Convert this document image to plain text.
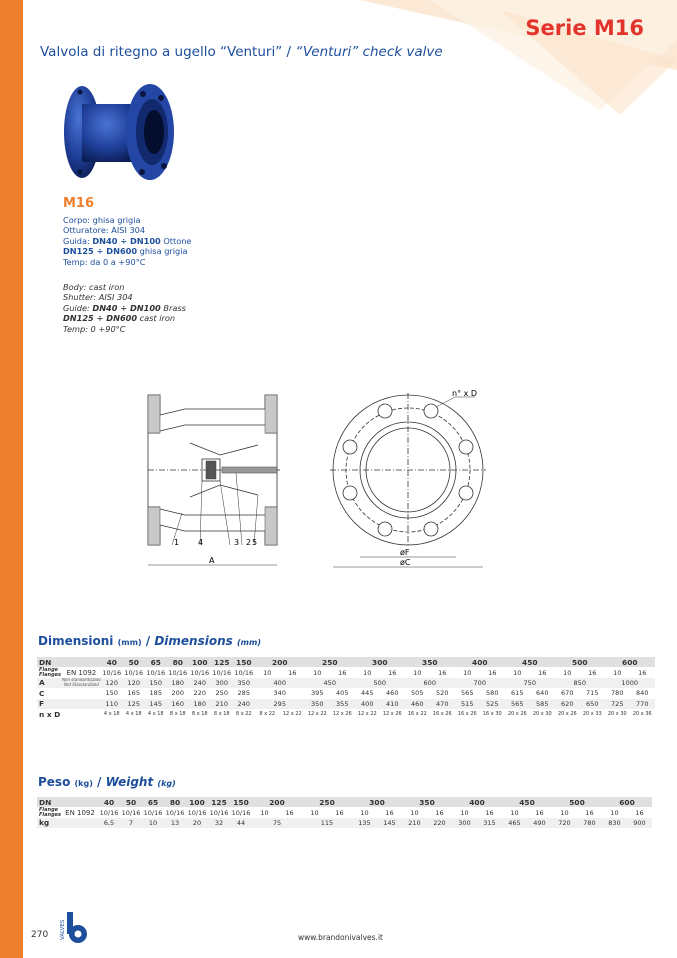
Serie M16
Valvola di ritegno a ugello “Venturi” / “Venturi” check valve
M16
Corpo: ghisa grigia
Otturatore: AISI 304
Guida: DN40 ÷ DN100 Ottone
DN125 ÷ DN600 ghisa grigia
Temp: da 0 a +90°C
Body: cast iron
Shutter: AISI 304
Guide: DN40 ÷ DN100 Brass
DN125 ÷ DN600 cast iron
Temp: 0 +90°C
1 4	3 2 5
A
n° x D
øF
øC
Dimensioni (mm) / Dimensions (mm)
DN		40	50	65	80	100	125	150	200		250		300		350		400		450		500		600	
Flange
Flanges	EN 1092	10/16	10/16	10/16	10/16	10/16	10/16	10/16	10	16	10	16	10	16	10	16	10	16	10	16	10	16	10	16
A	Non standardizzato
Not Standardized	120	120	150	180	240	300	350	400		450		500		600		700		750		850		1000	
C		150	165	185	200	220	250	285	340		395	405	445	460	505	520	565	580	615	640	670	715	780	840
F		110	125	145	160	180	210	240	295		350	355	400	410	460	470	515	525	565	585	620	650	725	770
n x D		4 x 18	4 x 18	4 x 18	8 x 18	8 x 18	8 x 18	8 x 22	8 x 22	12 x 22	12 x 22	12 x 26	12 x 22	12 x 26	16 x 22	16 x 26	16 x 26	16 x 30	20 x 26	20 x 30	20 x 26	20 x 33	20 x 30	20 x 36
Peso (kg) / Weight (kg)
DN		40	50	65	80	100	125	150	200		250		300		350		400		450		500		600	
Flange
Flanges	EN 1092	10/16	10/16	10/16	10/16	10/16	10/16	10/16	10	16	10	16	10	16	10	16	10	16	10	16	10	16	10	16
kg		6,5	7	10	13	20	32	44	75		115		135	145	210	220	300	315	465	490	720	780	830	900
270 VALVES	www.brandonivalves.it
